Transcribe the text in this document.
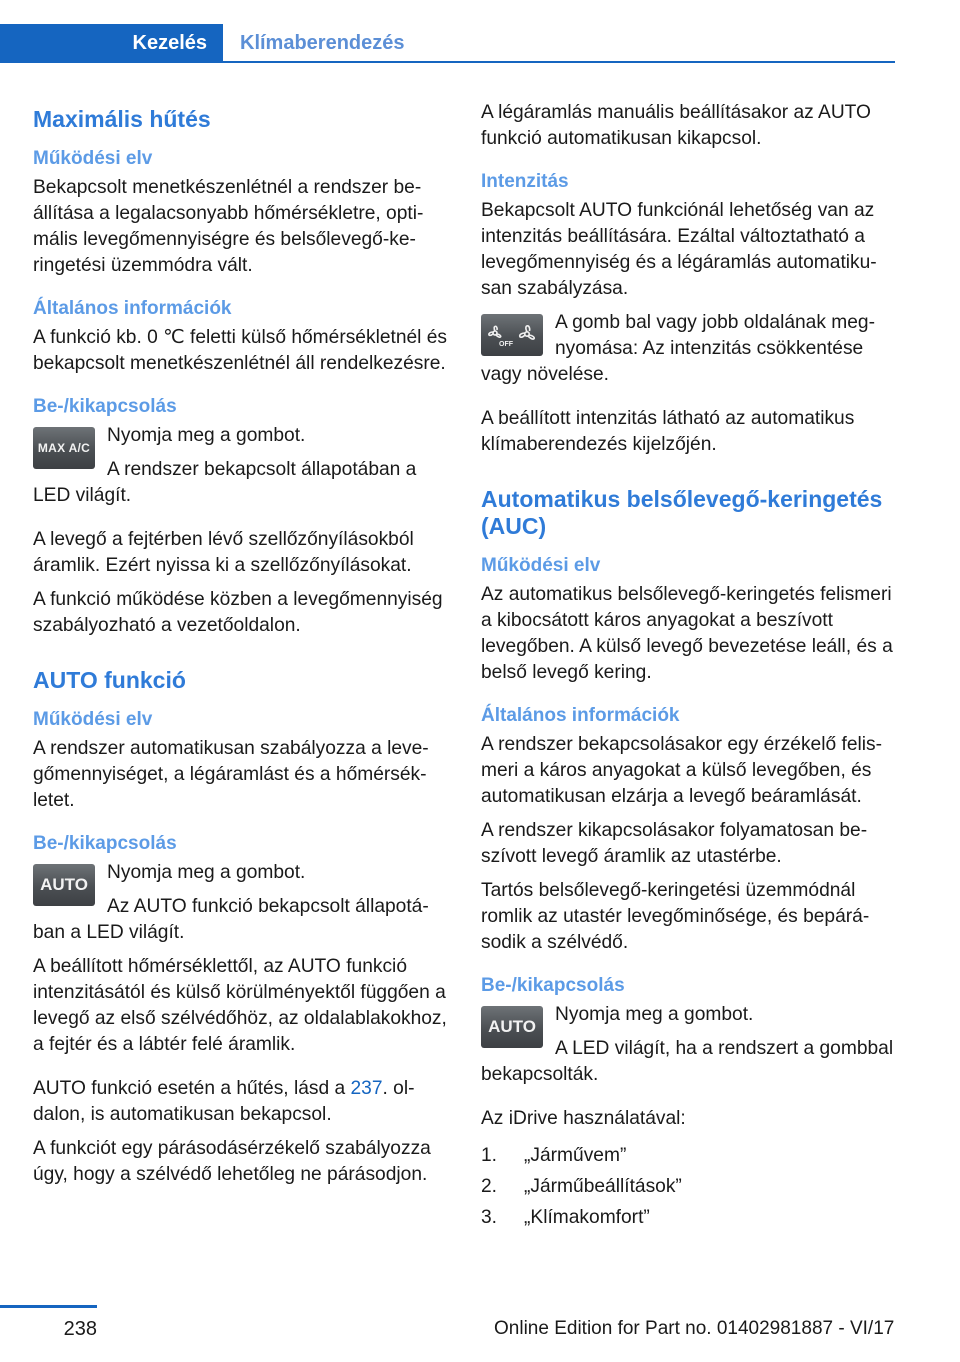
Kezelés	Klímaberendezés
Maximális hűtés
Működési elv

Bekapcsolt menetkészenlétnél a rendszer beállítása a legalacsonyabb hőmérsékletre, optimális levegőmennyiségre és belsőlevegő-keringetési üzemmódra vált.

Általános információk

A funkció kb. 0 ℃ feletti külső hőmérsékletnél és bekapcsolt menetkészenlétnél áll rendelkezésre.

Be-/kikapcsolás
MAX A/C

Nyomja meg a gombot.

A rendszer bekapcsolt állapotában a LED világít.

A levegő a fejtérben lévő szellőzőnyílásokból áramlik. Ezért nyissa ki a szellőzőnyílásokat.

A funkció működése közben a levegőmennyiség szabályozható a vezetőoldalon.

AUTO funkció
Működési elv

A rendszer automatikusan szabályozza a levegőmennyiséget, a légáramlást és a hőmérsékletet.

Be-/kikapcsolás
AUTO

Nyomja meg a gombot.

Az AUTO funkció bekapcsolt állapotában a LED világít.

A beállított hőmérséklettől, az AUTO funkció intenzitásától és külső körülményektől függően a levegő az első szélvédőhöz, az oldalablakokhoz, a fejtér és a lábtér felé áramlik.

AUTO funkció esetén a hűtés, lásd a 237. oldalon, is automatikusan bekapcsol.

A funkciót egy párásodásérzékelő szabályozza úgy, hogy a szélvédő lehetőleg ne párásodjon.

A légáramlás manuális beállításakor az AUTO funkció automatikusan kikapcsol.

Intenzitás

Bekapcsolt AUTO funkciónál lehetőség van az intenzitás beállítására. Ezáltal változtatható a levegőmennyiség és a légáramlás automatikusan szabályzása.

OFF

A gomb bal vagy jobb oldalának megnyomása: Az intenzitás csökkentése vagy növelése.

A beállított intenzitás látható az automatikus klímaberendezés kijelzőjén.

Automatikus belsőlevegő-keringetés (AUC)
Működési elv

Az automatikus belsőlevegő-keringetés felismeri a kibocsátott káros anyagokat a beszívott levegőben. A külső levegő bevezetése leáll, és a belső levegő kering.

Általános információk

A rendszer bekapcsolásakor egy érzékelő felismeri a káros anyagokat a külső levegőben, és automatikusan elzárja a levegő beáramlását.

A rendszer kikapcsolásakor folyamatosan beszívott levegő áramlik az utastérbe.

Tartós belsőlevegő-keringetési üzemmódnál romlik az utastér levegőminősége, és bepárásodik a szélvédő.

Be-/kikapcsolás
AUTO

Nyomja meg a gombot.

A LED világít, ha a rendszert a gombbal bekapcsolták.

Az iDrive használatával:

1.	„Járművem”
2.	„Járműbeállítások”
3.	„Klímakomfort”
238	Online Edition for Part no. 01402981887 - VI/17
